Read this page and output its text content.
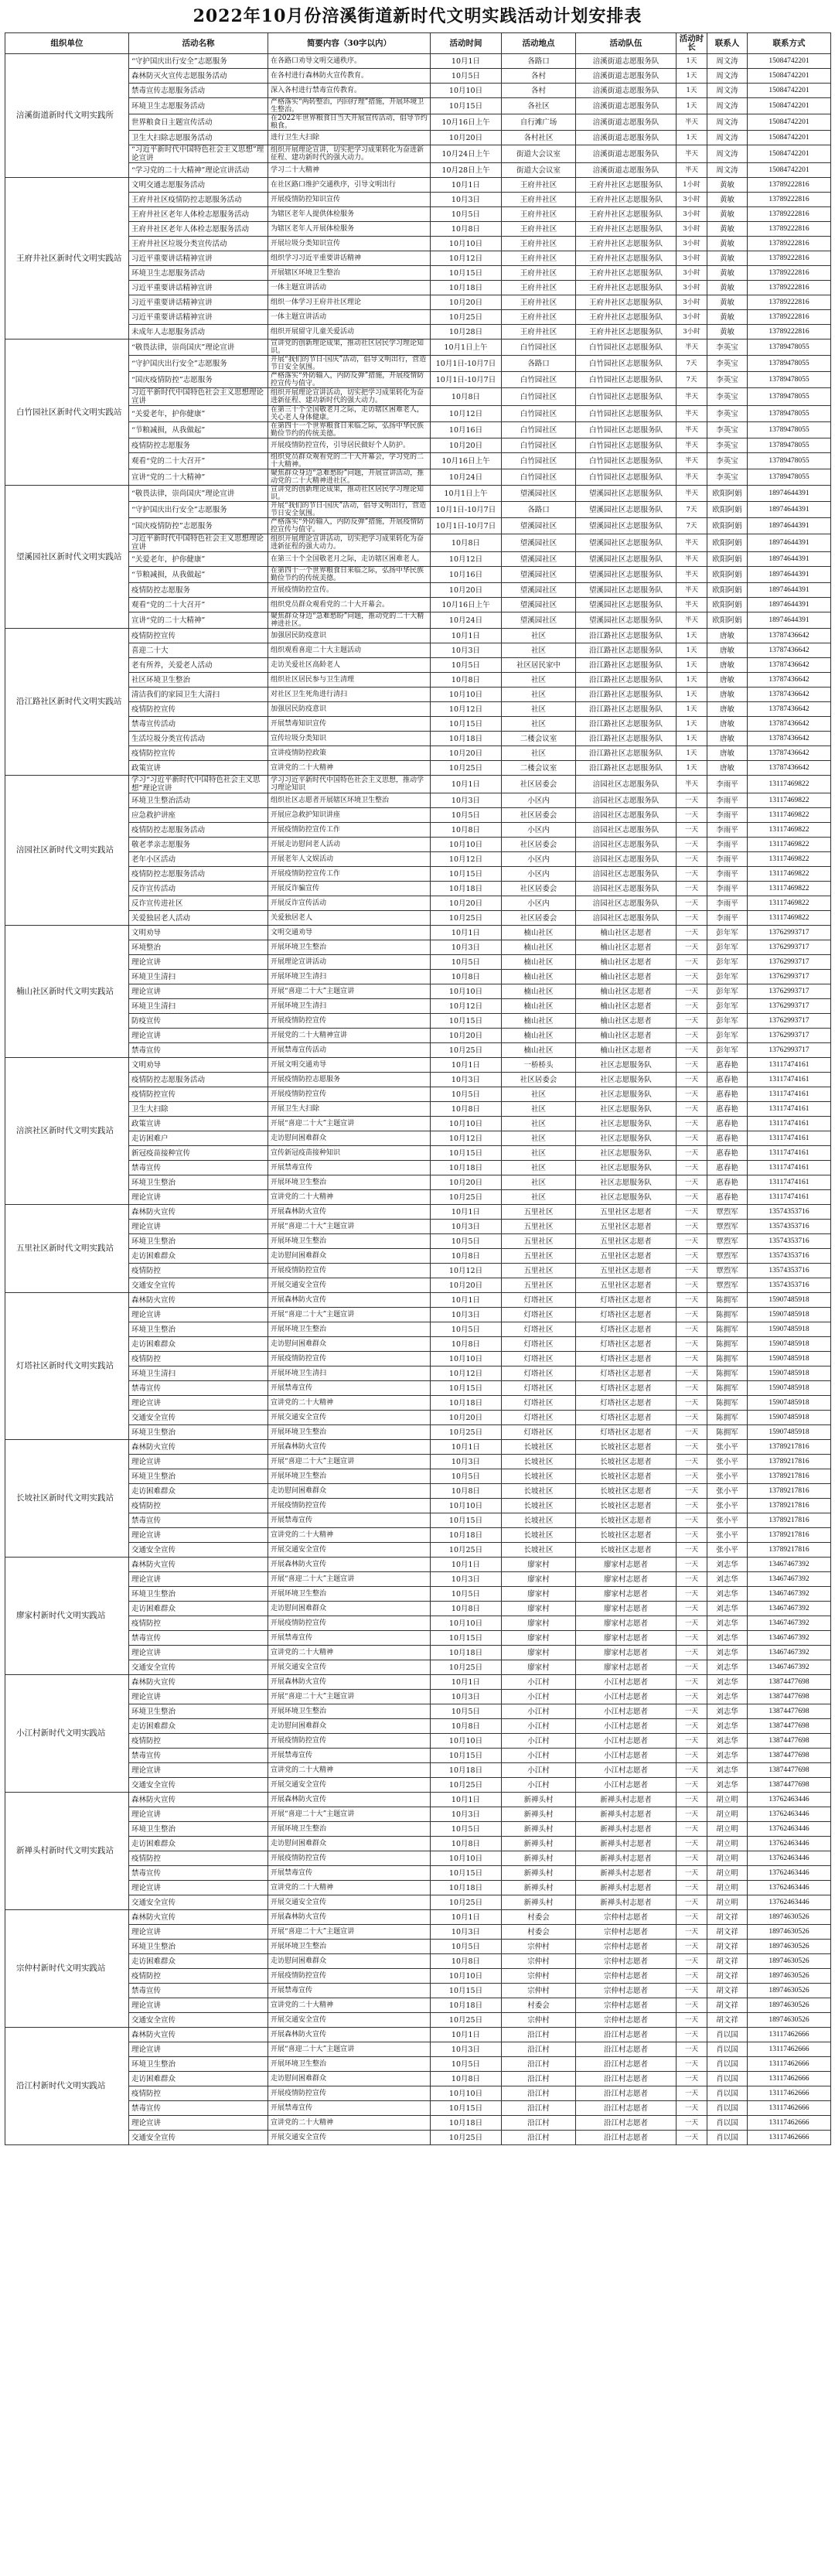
2022年10月份涪溪街道新时代文明实践活动计划安排表
组织单位	活动名称	简要内容（30字以内）	活动时间	活动地点	活动队伍	活动时长	联系人	联系方式
涪溪街道新时代文明实践所	“守护国庆出行安全”志愿服务	在各路口劝导文明交通秩序。	10月1日	各路口	涪溪街道志愿服务队	1天	周文涛	15084742201
	森林防灭火宣传志愿服务活动	在各村进行森林防火宣传教育。	10月5日	各村	涪溪街道志愿服务队	1天	周文涛	15084742201
	禁毒宣传志愿服务活动	深入各村进行禁毒宣传教育。	10月10日	各村	涪溪街道志愿服务队	1天	周文涛	15084742201
	环境卫生志愿服务活动	严格落实“两转整治，内回疗理”措施，开展环境卫生整治。	10月15日	各社区	涪溪街道志愿服务队	1天	周文涛	15084742201
	世界粮食日主题宣传活动	在2022年世界粮食日当天开展宣传活动，倡导节约粮食。	10月16日上午	自行滩广场	涪溪街道志愿服务队	半天	周文涛	15084742201
	卫生大扫除志愿服务活动	进行卫生大扫除	10月20日	各村社区	涪溪街道志愿服务队	1天	周文涛	15084742201
	“习近平新时代中国特色社会主义思想”理论宣讲	组织开展理论宣讲，切实把学习成果转化为奋进新征程、建功新时代的强大动力。	10月24日上午	街道大会议室	涪溪街道志愿服务队	半天	周文涛	15084742201
	“学习党的二十大精神”理论宣讲活动	学习二十大精神	10月28日上午	街道大会议室	涪溪街道志愿服务队	半天	周文涛	15084742201
王府井社区新时代文明实践站	文明交通志愿服务活动	在社区路口维护交通秩序，引导文明出行	10月1日	王府井社区	王府井社区志愿服务队	1小时	黄敏	13789222816
	王府井社区疫情防控志愿服务活动	开展疫情防控知识宣传	10月3日	王府井社区	王府井社区志愿服务队	3小时	黄敏	13789222816
	王府井社区老年人体检志愿服务活动	为辖区老年人提供体检服务	10月5日	王府井社区	王府井社区志愿服务队	3小时	黄敏	13789222816
	王府井社区老年人体检志愿服务活动	为辖区老年人开展体检服务	10月8日	王府井社区	王府井社区志愿服务队	3小时	黄敏	13789222816
	王府井社区垃圾分类宣传活动	开展垃圾分类知识宣传	10月10日	王府井社区	王府井社区志愿服务队	3小时	黄敏	13789222816
	习近平重要讲话精神宣讲	组织学习习近平重要讲话精神	10月12日	王府井社区	王府井社区志愿服务队	3小时	黄敏	13789222816
	环境卫生志愿服务活动	开展辖区环境卫生整治	10月15日	王府井社区	王府井社区志愿服务队	3小时	黄敏	13789222816
	习近平重要讲话精神宣讲	一体主题宣讲活动	10月18日	王府井社区	王府井社区志愿服务队	3小时	黄敏	13789222816
	习近平重要讲话精神宣讲	组织一体学习王府井社区理论	10月20日	王府井社区	王府井社区志愿服务队	3小时	黄敏	13789222816
	习近平重要讲话精神宣讲	一体主题宣讲活动	10月25日	王府井社区	王府井社区志愿服务队	3小时	黄敏	13789222816
	未成年人志愿服务活动	组织开展留守儿童关爱活动	10月28日	王府井社区	王府井社区志愿服务队	3小时	黄敏	13789222816
白竹园社区新时代文明实践站	“敬畏法律，崇尚国庆”理论宣讲	宣讲党的创新理论成果，推动社区居民学习理论知识。	10月1日上午	白竹园社区	白竹园社区志愿服务队	半天	李英宝	13789478055
	“守护国庆出行安全”志愿服务	开展“我们的节日·国庆”活动，倡导文明出行，营造节日安全氛围。	10月1日-10月7日	各路口	白竹园社区志愿服务队	7天	李英宝	13789478055
	“国庆疫情防控”志愿服务	严格落实“外防输入，内防反弹”措施，开展疫情防控宣传与值守。	10月1日-10月7日	白竹园社区	白竹园社区志愿服务队	7天	李英宝	13789478055
	习近平新时代中国特色社会主义思想理论宣讲	组织开展理论宣讲活动，切实把学习成果转化为奋进新征程、建功新时代的强大动力。	10月8日	白竹园社区	白竹园社区志愿服务队	半天	李英宝	13789478055
	“关爱老年，护你健康”	在第三十个全国敬老月之际，走访辖区困难老人，关心老人身体健康。	10月12日	白竹园社区	白竹园社区志愿服务队	半天	李英宝	13789478055
	“节粮减损，从我做起”	在第四十一个世界粮食日来临之际，弘扬中华民族勤俭节约的传统美德。	10月16日	白竹园社区	白竹园社区志愿服务队	半天	李英宝	13789478055
	疫情防控志愿服务	开展疫情防控宣传，引导居民做好个人防护。	10月20日	白竹园社区	白竹园社区志愿服务队	半天	李英宝	13789478055
	观看“党的二十大召开”	组织党员群众观看党的二十大开幕会，学习党的二十大精神。	10月16日上午	白竹园社区	白竹园社区志愿服务队	半天	李英宝	13789478055
	宣讲“党的二十大精神”	聚焦群众身边“急难愁盼”问题，开展宣讲活动，推动党的二十大精神进社区。	10月24日	白竹园社区	白竹园社区志愿服务队	半天	李英宝	13789478055
望溪园社区新时代文明实践站	“敬畏法律，崇尚国庆”理论宣讲	宣讲党的创新理论成果，推动社区居民学习理论知识。	10月1日上午	望溪园社区	望溪园社区志愿服务队	半天	欧阳阿娟	18974644391
	“守护国庆出行安全”志愿服务	开展“我们的节日·国庆”活动，倡导文明出行，营造节日安全氛围。	10月1日-10月7日	各路口	望溪园社区志愿服务队	7天	欧阳阿娟	18974644391
	“国庆疫情防控”志愿服务	严格落实“外防输入，内防反弹”措施，开展疫情防控宣传与值守。	10月1日-10月7日	望溪园社区	望溪园社区志愿服务队	7天	欧阳阿娟	18974644391
	习近平新时代中国特色社会主义思想理论宣讲	组织开展理论宣讲活动，切实把学习成果转化为奋进新征程的强大动力。	10月8日	望溪园社区	望溪园社区志愿服务队	半天	欧阳阿娟	18974644391
	“关爱老年，护你健康”	在第三十个全国敬老月之际，走访辖区困难老人。	10月12日	望溪园社区	望溪园社区志愿服务队	半天	欧阳阿娟	18974644391
	“节粮减损，从我做起”	在第四十一个世界粮食日来临之际，弘扬中华民族勤俭节约的传统美德。	10月16日	望溪园社区	望溪园社区志愿服务队	半天	欧阳阿娟	18974644391
	疫情防控志愿服务	开展疫情防控宣传。	10月20日	望溪园社区	望溪园社区志愿服务队	半天	欧阳阿娟	18974644391
	观看“党的二十大召开”	组织党员群众观看党的二十大开幕会。	10月16日上午	望溪园社区	望溪园社区志愿服务队	半天	欧阳阿娟	18974644391
	宣讲“党的二十大精神”	聚焦群众身边“急难愁盼”问题，推动党的二十大精神进社区。	10月24日	望溪园社区	望溪园社区志愿服务队	半天	欧阳阿娟	18974644391
沿江路社区新时代文明实践站	疫情防控宣传	加强居民防疫意识	10月1日	社区	沿江路社区志愿服务队	1天	唐敏	13787436642
	喜迎二十大	组织观看喜迎二十大主题活动	10月3日	社区	沿江路社区志愿服务队	1天	唐敏	13787436642
	老有所养，关爱老人活动	走访关爱社区高龄老人	10月5日	社区居民家中	沿江路社区志愿服务队	1天	唐敏	13787436642
	社区环境卫生整治	组织社区居民参与卫生清理	10月8日	社区	沿江路社区志愿服务队	1天	唐敏	13787436642
	清洁我们的家园卫生大清扫	对社区卫生死角进行清扫	10月10日	社区	沿江路社区志愿服务队	1天	唐敏	13787436642
	疫情防控宣传	加强居民防疫意识	10月12日	社区	沿江路社区志愿服务队	1天	唐敏	13787436642
	禁毒宣传活动	开展禁毒知识宣传	10月15日	社区	沿江路社区志愿服务队	1天	唐敏	13787436642
	生活垃圾分类宣传活动	宣传垃圾分类知识	10月18日	二楼会议室	沿江路社区志愿服务队	1天	唐敏	13787436642
	疫情防控宣传	宣讲疫情防控政策	10月20日	社区	沿江路社区志愿服务队	1天	唐敏	13787436642
	政策宣讲	宣讲党的二十大精神	10月25日	二楼会议室	沿江路社区志愿服务队	1天	唐敏	13787436642
涪园社区新时代文明实践站	学习“习近平新时代中国特色社会主义思想”理论宣讲	学习习近平新时代中国特色社会主义思想，推动学习理论知识	10月1日	社区居委会	涪园社区志愿服务队	半天	李雨平	13117469822
	环境卫生整治活动	组织社区志愿者开展辖区环境卫生整治	10月3日	小区内	涪园社区志愿服务队	一天	李雨平	13117469822
	应急救护讲座	开展应急救护知识讲座	10月5日	社区居委会	涪园社区志愿服务队	一天	李雨平	13117469822
	疫情防控志愿服务活动	开展疫情防控宣传工作	10月8日	小区内	涪园社区志愿服务队	一天	李雨平	13117469822
	敬老孝亲志愿服务	开展走访慰问老人活动	10月10日	社区居委会	涪园社区志愿服务队	一天	李雨平	13117469822
	老年小区活动	开展老年人文娱活动	10月12日	小区内	涪园社区志愿服务队	一天	李雨平	13117469822
	疫情防控志愿服务活动	开展疫情防控宣传工作	10月15日	小区内	涪园社区志愿服务队	一天	李雨平	13117469822
	反诈宣传活动	开展反诈骗宣传	10月18日	社区居委会	涪园社区志愿服务队	一天	李雨平	13117469822
	反诈宣传进社区	开展反诈宣传活动	10月20日	小区内	涪园社区志愿服务队	一天	李雨平	13117469822
	关爱独居老人活动	关爱独居老人	10月25日	社区居委会	涪园社区志愿服务队	一天	李雨平	13117469822
楠山社区新时代文明实践站	文明劝导	文明交通劝导	10月1日	楠山社区	楠山社区志愿者	一天	彭年军	13762993717
	环境整治	开展环境卫生整治	10月3日	楠山社区	楠山社区志愿者	一天	彭年军	13762993717
	理论宣讲	开展理论宣讲活动	10月5日	楠山社区	楠山社区志愿者	一天	彭年军	13762993717
	环境卫生清扫	开展环境卫生清扫	10月8日	楠山社区	楠山社区志愿者	一天	彭年军	13762993717
	理论宣讲	开展“喜迎二十大”主题宣讲	10月10日	楠山社区	楠山社区志愿者	一天	彭年军	13762993717
	环境卫生清扫	开展环境卫生清扫	10月12日	楠山社区	楠山社区志愿者	一天	彭年军	13762993717
	防疫宣传	开展疫情防控宣传	10月15日	楠山社区	楠山社区志愿者	一天	彭年军	13762993717
	理论宣讲	开展党的二十大精神宣讲	10月20日	楠山社区	楠山社区志愿者	一天	彭年军	13762993717
	禁毒宣传	开展禁毒宣传活动	10月25日	楠山社区	楠山社区志愿者	一天	彭年军	13762993717
涪滨社区新时代文明实践站	文明劝导	开展文明交通劝导	10月1日	一桥桥头	社区志愿服务队	一天	惠春艳	13117474161
	疫情防控志愿服务活动	开展疫情防控志愿服务	10月3日	社区居委会	社区志愿服务队	一天	惠春艳	13117474161
	疫情防控宣传	开展疫情防控宣传	10月5日	社区	社区志愿服务队	一天	惠春艳	13117474161
	卫生大扫除	开展卫生大扫除	10月8日	社区	社区志愿服务队	一天	惠春艳	13117474161
	政策宣讲	开展“喜迎二十大”主题宣讲	10月10日	社区	社区志愿服务队	一天	惠春艳	13117474161
	走访困难户	走访慰问困难群众	10月12日	社区	社区志愿服务队	一天	惠春艳	13117474161
	新冠疫苗接种宣传	宣传新冠疫苗接种知识	10月15日	社区	社区志愿服务队	一天	惠春艳	13117474161
	禁毒宣传	开展禁毒宣传	10月18日	社区	社区志愿服务队	一天	惠春艳	13117474161
	环境卫生整治	开展环境卫生整治	10月20日	社区	社区志愿服务队	一天	惠春艳	13117474161
	理论宣讲	宣讲党的二十大精神	10月25日	社区	社区志愿服务队	一天	惠春艳	13117474161
五里社区新时代文明实践站	森林防火宣传	开展森林防火宣传	10月1日	五里社区	五里社区志愿者	一天	覃烈军	13574353716
	理论宣讲	开展“喜迎二十大”主题宣讲	10月3日	五里社区	五里社区志愿者	一天	覃烈军	13574353716
	环境卫生整治	开展环境卫生整治	10月5日	五里社区	五里社区志愿者	一天	覃烈军	13574353716
	走访困难群众	走访慰问困难群众	10月8日	五里社区	五里社区志愿者	一天	覃烈军	13574353716
	疫情防控	开展疫情防控宣传	10月12日	五里社区	五里社区志愿者	一天	覃烈军	13574353716
	交通安全宣传	开展交通安全宣传	10月20日	五里社区	五里社区志愿者	一天	覃烈军	13574353716
灯塔社区新时代文明实践站	森林防火宣传	开展森林防火宣传	10月1日	灯塔社区	灯塔社区志愿者	一天	陈拥军	15907485918
	理论宣讲	开展“喜迎二十大”主题宣讲	10月3日	灯塔社区	灯塔社区志愿者	一天	陈拥军	15907485918
	环境卫生整治	开展环境卫生整治	10月5日	灯塔社区	灯塔社区志愿者	一天	陈拥军	15907485918
	走访困难群众	走访慰问困难群众	10月8日	灯塔社区	灯塔社区志愿者	一天	陈拥军	15907485918
	疫情防控	开展疫情防控宣传	10月10日	灯塔社区	灯塔社区志愿者	一天	陈拥军	15907485918
	环境卫生清扫	开展环境卫生清扫	10月12日	灯塔社区	灯塔社区志愿者	一天	陈拥军	15907485918
	禁毒宣传	开展禁毒宣传	10月15日	灯塔社区	灯塔社区志愿者	一天	陈拥军	15907485918
	理论宣讲	宣讲党的二十大精神	10月18日	灯塔社区	灯塔社区志愿者	一天	陈拥军	15907485918
	交通安全宣传	开展交通安全宣传	10月20日	灯塔社区	灯塔社区志愿者	一天	陈拥军	15907485918
	环境卫生整治	开展环境卫生整治	10月25日	灯塔社区	灯塔社区志愿者	一天	陈拥军	15907485918
长坡社区新时代文明实践站	森林防火宣传	开展森林防火宣传	10月1日	长坡社区	长坡社区志愿者	一天	张小平	13789217816
	理论宣讲	开展“喜迎二十大”主题宣讲	10月3日	长坡社区	长坡社区志愿者	一天	张小平	13789217816
	环境卫生整治	开展环境卫生整治	10月5日	长坡社区	长坡社区志愿者	一天	张小平	13789217816
	走访困难群众	走访慰问困难群众	10月8日	长坡社区	长坡社区志愿者	一天	张小平	13789217816
	疫情防控	开展疫情防控宣传	10月10日	长坡社区	长坡社区志愿者	一天	张小平	13789217816
	禁毒宣传	开展禁毒宣传	10月15日	长坡社区	长坡社区志愿者	一天	张小平	13789217816
	理论宣讲	宣讲党的二十大精神	10月18日	长坡社区	长坡社区志愿者	一天	张小平	13789217816
	交通安全宣传	开展交通安全宣传	10月25日	长坡社区	长坡社区志愿者	一天	张小平	13789217816
廖家村新时代文明实践站	森林防火宣传	开展森林防火宣传	10月1日	廖家村	廖家村志愿者	一天	刘志华	13467467392
	理论宣讲	开展“喜迎二十大”主题宣讲	10月3日	廖家村	廖家村志愿者	一天	刘志华	13467467392
	环境卫生整治	开展环境卫生整治	10月5日	廖家村	廖家村志愿者	一天	刘志华	13467467392
	走访困难群众	走访慰问困难群众	10月8日	廖家村	廖家村志愿者	一天	刘志华	13467467392
	疫情防控	开展疫情防控宣传	10月10日	廖家村	廖家村志愿者	一天	刘志华	13467467392
	禁毒宣传	开展禁毒宣传	10月15日	廖家村	廖家村志愿者	一天	刘志华	13467467392
	理论宣讲	宣讲党的二十大精神	10月18日	廖家村	廖家村志愿者	一天	刘志华	13467467392
	交通安全宣传	开展交通安全宣传	10月25日	廖家村	廖家村志愿者	一天	刘志华	13467467392
小江村新时代文明实践站	森林防火宣传	开展森林防火宣传	10月1日	小江村	小江村志愿者	一天	刘志华	13874477698
	理论宣讲	开展“喜迎二十大”主题宣讲	10月3日	小江村	小江村志愿者	一天	刘志华	13874477698
	环境卫生整治	开展环境卫生整治	10月5日	小江村	小江村志愿者	一天	刘志华	13874477698
	走访困难群众	走访慰问困难群众	10月8日	小江村	小江村志愿者	一天	刘志华	13874477698
	疫情防控	开展疫情防控宣传	10月10日	小江村	小江村志愿者	一天	刘志华	13874477698
	禁毒宣传	开展禁毒宣传	10月15日	小江村	小江村志愿者	一天	刘志华	13874477698
	理论宣讲	宣讲党的二十大精神	10月18日	小江村	小江村志愿者	一天	刘志华	13874477698
	交通安全宣传	开展交通安全宣传	10月25日	小江村	小江村志愿者	一天	刘志华	13874477698
新禅头村新时代文明实践站	森林防火宣传	开展森林防火宣传	10月1日	新禅头村	新禅头村志愿者	一天	胡立明	13762463446
	理论宣讲	开展“喜迎二十大”主题宣讲	10月3日	新禅头村	新禅头村志愿者	一天	胡立明	13762463446
	环境卫生整治	开展环境卫生整治	10月5日	新禅头村	新禅头村志愿者	一天	胡立明	13762463446
	走访困难群众	走访慰问困难群众	10月8日	新禅头村	新禅头村志愿者	一天	胡立明	13762463446
	疫情防控	开展疫情防控宣传	10月10日	新禅头村	新禅头村志愿者	一天	胡立明	13762463446
	禁毒宣传	开展禁毒宣传	10月15日	新禅头村	新禅头村志愿者	一天	胡立明	13762463446
	理论宣讲	宣讲党的二十大精神	10月18日	新禅头村	新禅头村志愿者	一天	胡立明	13762463446
	交通安全宣传	开展交通安全宣传	10月25日	新禅头村	新禅头村志愿者	一天	胡立明	13762463446
宗仲村新时代文明实践站	森林防火宣传	开展森林防火宣传	10月1日	村委会	宗仲村志愿者	一天	胡文祥	18974630526
	理论宣讲	开展“喜迎二十大”主题宣讲	10月3日	村委会	宗仲村志愿者	一天	胡文祥	18974630526
	环境卫生整治	开展环境卫生整治	10月5日	宗仲村	宗仲村志愿者	一天	胡文祥	18974630526
	走访困难群众	走访慰问困难群众	10月8日	宗仲村	宗仲村志愿者	一天	胡文祥	18974630526
	疫情防控	开展疫情防控宣传	10月10日	宗仲村	宗仲村志愿者	一天	胡文祥	18974630526
	禁毒宣传	开展禁毒宣传	10月15日	宗仲村	宗仲村志愿者	一天	胡文祥	18974630526
	理论宣讲	宣讲党的二十大精神	10月18日	村委会	宗仲村志愿者	一天	胡文祥	18974630526
	交通安全宣传	开展交通安全宣传	10月25日	宗仲村	宗仲村志愿者	一天	胡文祥	18974630526
沿江村新时代文明实践站	森林防火宣传	开展森林防火宣传	10月1日	沿江村	沿江村志愿者	一天	肖以国	13117462666
	理论宣讲	开展“喜迎二十大”主题宣讲	10月3日	沿江村	沿江村志愿者	一天	肖以国	13117462666
	环境卫生整治	开展环境卫生整治	10月5日	沿江村	沿江村志愿者	一天	肖以国	13117462666
	走访困难群众	走访慰问困难群众	10月8日	沿江村	沿江村志愿者	一天	肖以国	13117462666
	疫情防控	开展疫情防控宣传	10月10日	沿江村	沿江村志愿者	一天	肖以国	13117462666
	禁毒宣传	开展禁毒宣传	10月15日	沿江村	沿江村志愿者	一天	肖以国	13117462666
	理论宣讲	宣讲党的二十大精神	10月18日	沿江村	沿江村志愿者	一天	肖以国	13117462666
	交通安全宣传	开展交通安全宣传	10月25日	沿江村	沿江村志愿者	一天	肖以国	13117462666
